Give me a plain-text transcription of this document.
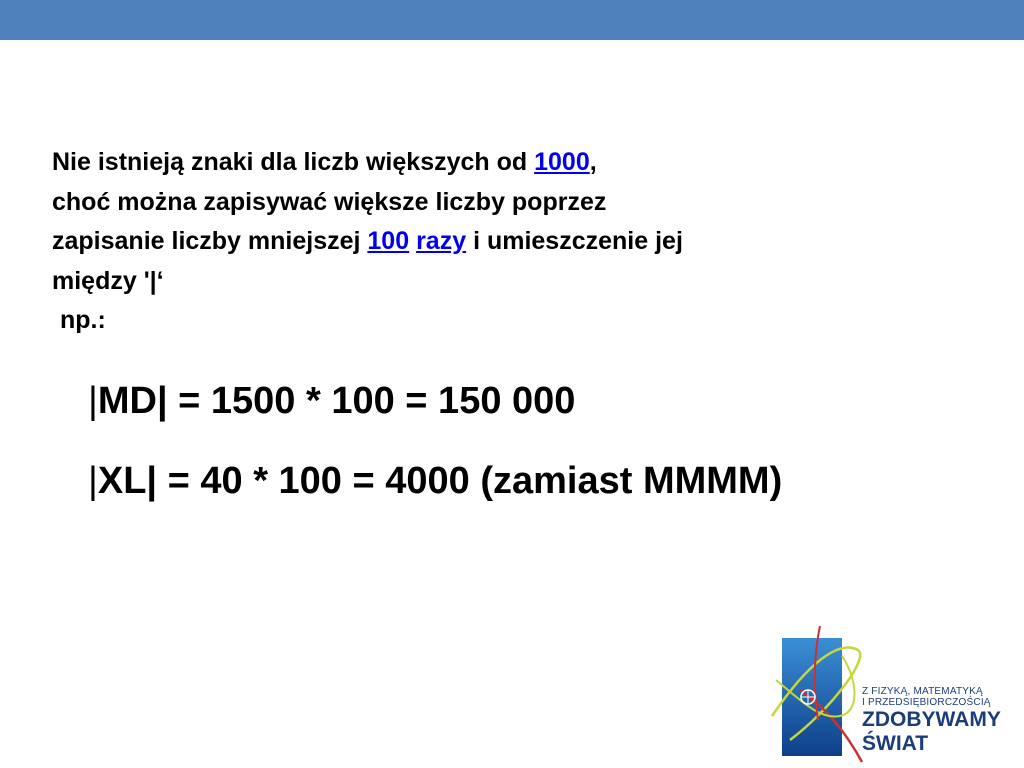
Nie istnieją znaki dla liczb większych od 1000,

choć można zapisywać większe liczby poprzez

zapisanie liczby mniejszej 100 razy i umieszczenie jej

między '|‘

np.:

|MD| = 1500 * 100 = 150 000
|XL| = 40 * 100 = 4000 (zamiast MMMM)
Z FIZYKĄ, MATEMATYKĄ
I PRZEDSIĘBIORCZOŚCIĄ
ZDOBYWAMY
ŚWIAT
